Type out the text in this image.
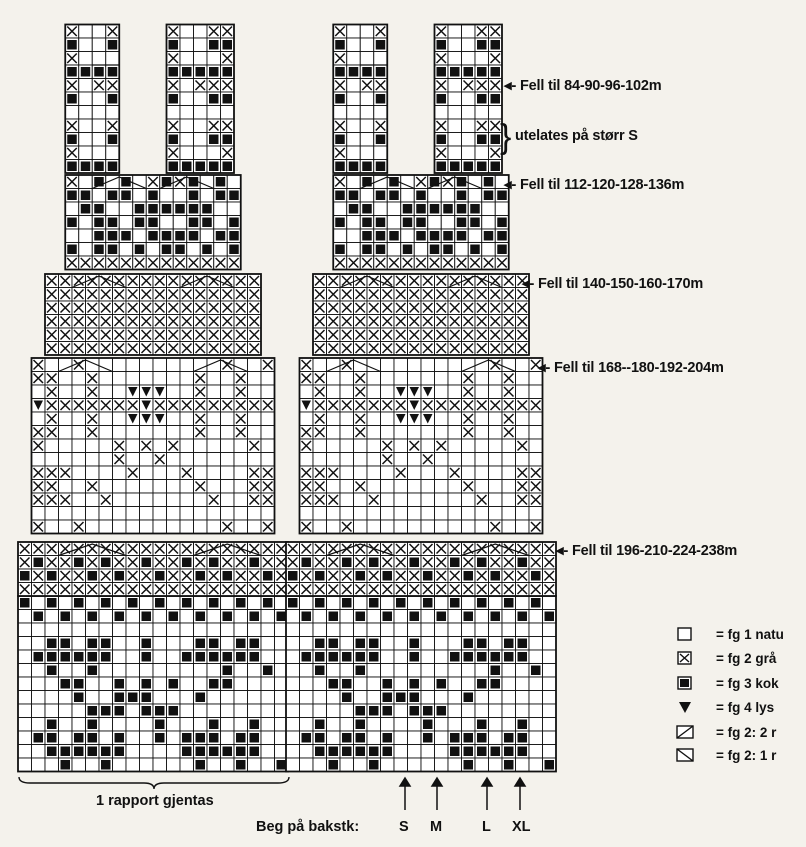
◂- Fell til 84-90-96-102m
} utelates på størr S
◂- Fell til 112-120-128-136m
◂- Fell til 140-150-160-170m
◂- Fell til 168--180-192-204m
◂- Fell til 196-210-224-238m
= fg 1 natu
= fg 2 grå
= fg 3 kok
= fg 4 lys
= fg 2: 2 r
= fg 2: 1 r
1 rapport gjentas
Beg på bakstk:	S M	L XL
